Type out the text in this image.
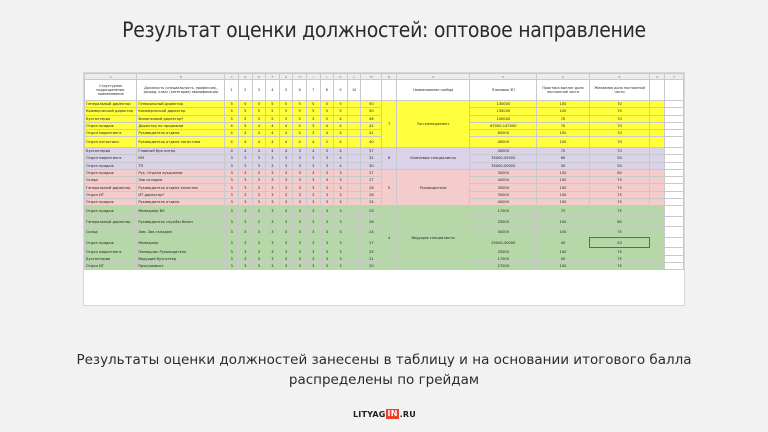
Результат оценки должностей: оптовое направление
A	B	C	D	E	F	G	H	I	J	K	L	M	N	O	P	Q	R	S	T
Структурное подразделение, наименование	Должность (специальность, профессия), разряд, класс (категория) квалификации	1	2	3	4	5	6	7	8	9	10			Наименование грейда	Плановая ЗП	Практика выплат доли постоянной части	Желаемая доля постоянной части		
Генеральный директор	Генеральный директор	5	5	5	5	5	5	5	5	5		50	7	Топ-менеджмент	130000	100	70		
Коммерческий директор	Коммерческий директор	5	5	5	5	5	5	5	5	5		50			130000	100	70		
Бухгалтерия	Финансовый директор*	5	5	5	5	5	5	3	5	4		46			100000	70	70		
Отдел продаж	Директор по продажам	4	5	4	4	4	5	3	4	4		42			67000-147000	70	70		
Отдел маркетинга	Руководитель отдела	4	4	4	4	4	4	3	4	4		41			65000	100	70		
Отдел логистики	Руководитель отдела логистики	4	4	4	4	4	4	4	2	4		40			40000	100	70		
Бухгалтерия	Главный бухгалтер	4	4	4	4	4	3	4	3	4		37	6	Ключевые специалисты	40000	70	70		
Отдел маркетинга	КМ	3	3	3	3	3	3	3	3	4		32			35000-55000	60	50		
Отдел продаж	ТП	3	3	3	3	3	3	3	3	4		30			35000-50000	30	50		
Отдел продаж	Рук. Отдела аукционов	3	3	3	3	3	3	3	3	3		27	5	Руководители	30000	100	60		
Склад	Зав складом	3	3	3	3	3	3	3	3	3		27			40000	100	75		
Генеральный директор	Руководитель отдела качества	3	3	3	3	3	3	3	3	3		26			35000	100	75		
Отдел ИТ	ИТ директор*	3	3	3	3	3	3	3	3	3		26			35000	100	75		
Отдел продаж	Руководитель отдела	3	3	3	3	3	3	3	3	3		24			40000	100	75		
Отдел продаж	Менеджер ВЭ	3	3	2	3	3	3	3	3	3		23	4	Ведущие специалисты	17000	75	75		
Генеральный директор	Руководитель службы безоп	3	3	2	3	3	3	3	3	3		26			25000	100	60		
Склад	Зам. Зав складом	3	3	3	3	3	3	3	3	3		24			30000	100	75		
Отдел продаж	Менеджер	3	3	3	3	3	3	3	3	3		27			25000-30000	40	53		
Отдел маркетинга	Помощник Руководителя	3	3	3	3	3	3	3	3	3		25			25000	100	75		
Бухгалтерия	Ведущий бухгалтер	3	3	3	3	3	3	3	3	3		21			17000	50	75		
Отдел ИТ	Программист	3	3	3	3	3	3	3	3	3		20			27000	100	75		
Результаты оценки должностей занесены в таблицу и на основании итогового балла
распределены по грейдам
LITYAG IN .RU
